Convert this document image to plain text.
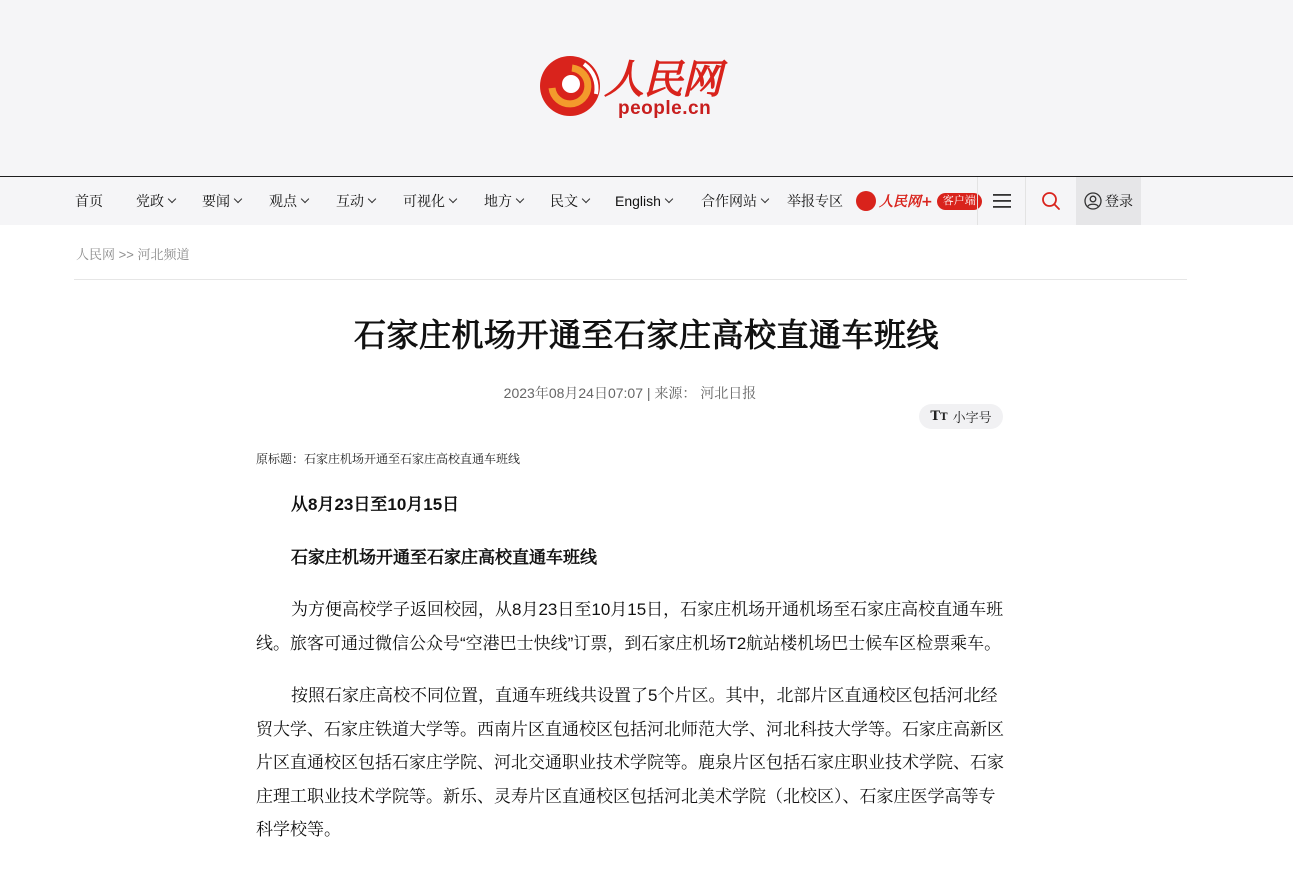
人民网
people.cn
首页 党政	要闻	观点	互动	可视化	地方	民文	English	合作网站 举报专区	人民网+ 客户端	登录
人民网 >> 河北频道
石家庄机场开通至石家庄高校直通车班线
2023年08月24日07:07 | 来源： 河北日报
TT 小字号
原标题：石家庄机场开通至石家庄高校直通车班线

从8月23日至10月15日

石家庄机场开通至石家庄高校直通车班线

为方便高校学子返回校园，从8月23日至10月15日，石家庄机场开通机场至石家庄高校直通车班线。旅客可通过微信公众号“空港巴士快线”订票，到石家庄机场T2航站楼机场巴士候车区检票乘车。

按照石家庄高校不同位置，直通车班线共设置了5个片区。其中，北部片区直通校区包括河北经贸大学、石家庄铁道大学等。西南片区直通校区包括河北师范大学、河北科技大学等。石家庄高新区片区直通校区包括石家庄学院、河北交通职业技术学院等。鹿泉片区包括石家庄职业技术学院、石家庄理工职业技术学院等。新乐、灵寿片区直通校区包括河北美术学院（北校区）、石家庄医学高等专科学校等。
